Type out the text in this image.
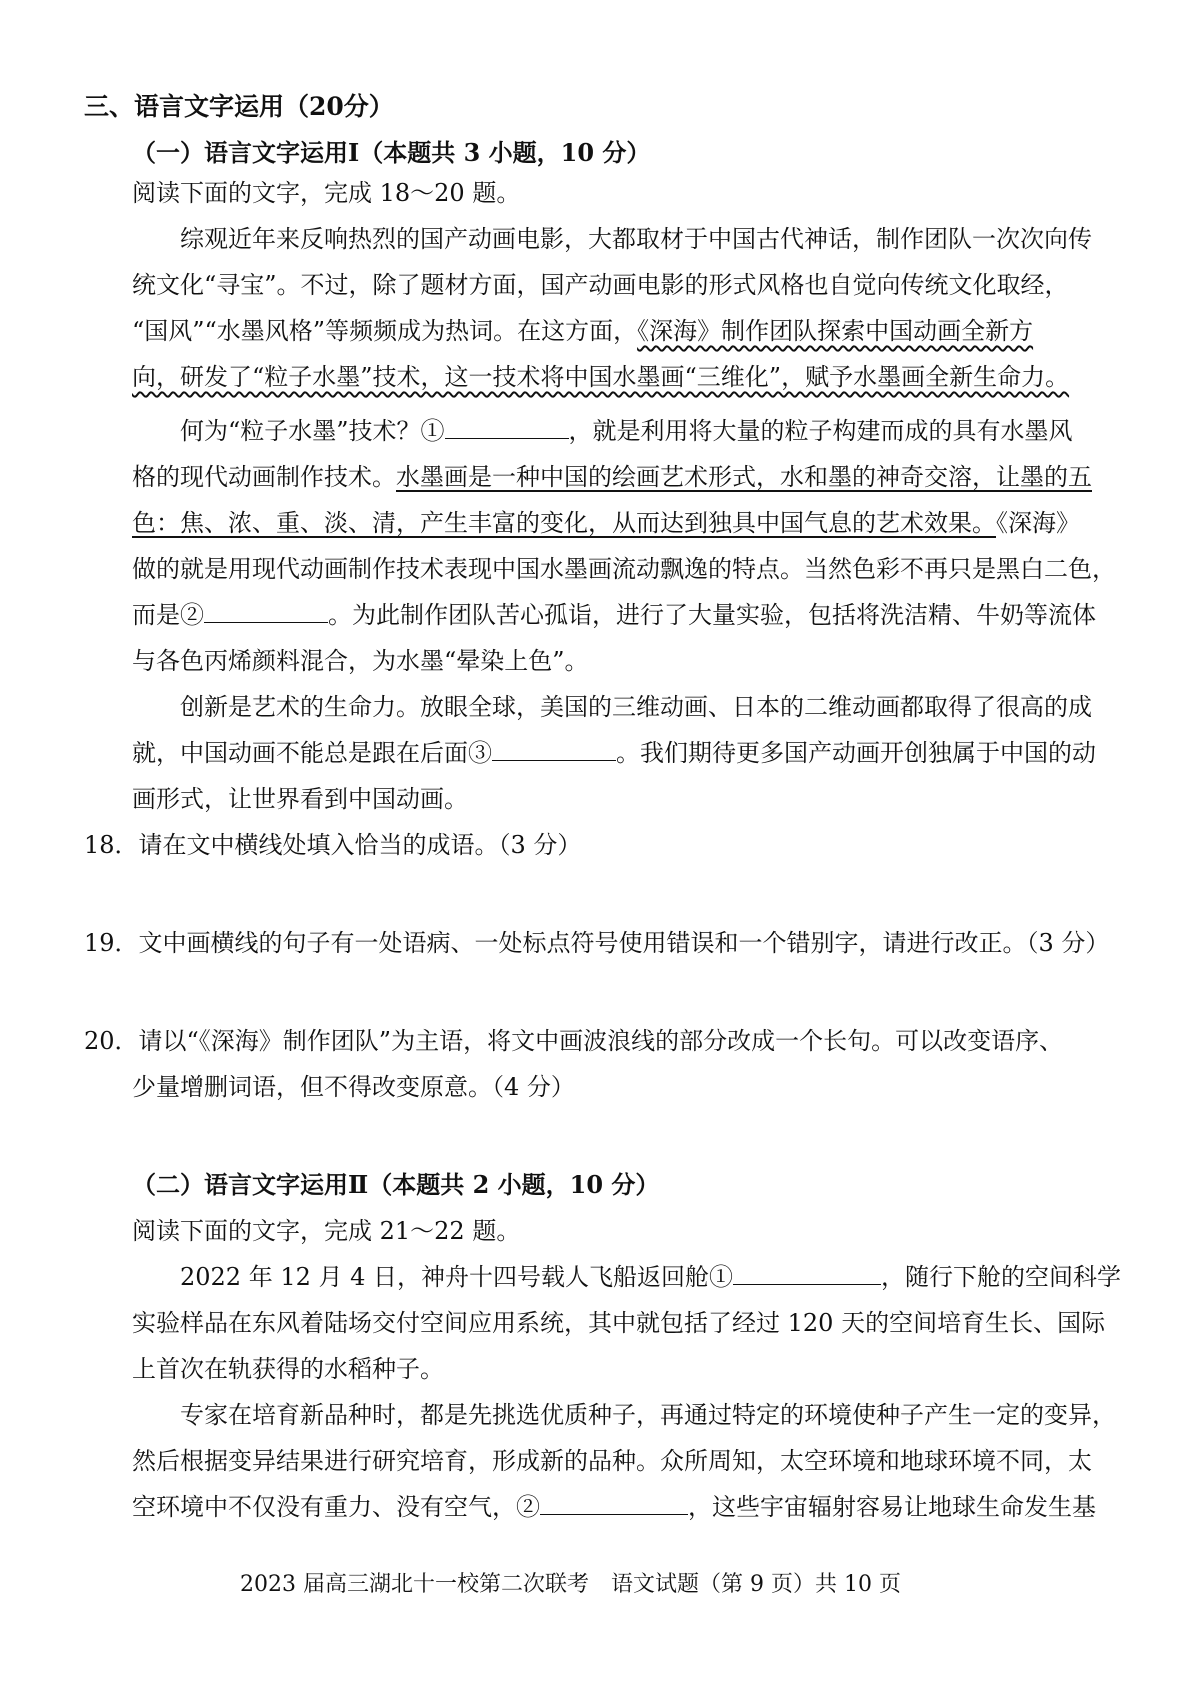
三、语言文字运用（20分）
（一）语言文字运用Ⅰ（本题共 3 小题，10 分）
阅读下面的文字，完成 18～20 题。
综观近年来反响热烈的国产动画电影，大都取材于中国古代神话，制作团队一次次向传
统文化“寻宝”。不过，除了题材方面，国产动画电影的形式风格也自觉向传统文化取经，
“国风”“水墨风格”等频频成为热词。在这方面，《深海》制作团队探索中国动画全新方
向，研发了“粒子水墨”技术，这一技术将中国水墨画“三维化”，赋予水墨画全新生命力。
何为“粒子水墨”技术？①	，就是利用将大量的粒子构建而成的具有水墨风
格的现代动画制作技术。水墨画是一种中国的绘画艺术形式，水和墨的神奇交溶，让墨的五
色：焦、浓、重、淡、清，产生丰富的变化，从而达到独具中国气息的艺术效果。《深海》
做的就是用现代动画制作技术表现中国水墨画流动飘逸的特点。当然色彩不再只是黑白二色，
而是②	。为此制作团队苦心孤诣，进行了大量实验，包括将洗洁精、牛奶等流体
与各色丙烯颜料混合，为水墨“晕染上色”。
创新是艺术的生命力。放眼全球，美国的三维动画、日本的二维动画都取得了很高的成
就，中国动画不能总是跟在后面③	。我们期待更多国产动画开创独属于中国的动
画形式，让世界看到中国动画。
18．请在文中横线处填入恰当的成语。（3 分）
19．文中画横线的句子有一处语病、一处标点符号使用错误和一个错别字，请进行改正。（3 分）
20．请以“《深海》制作团队”为主语，将文中画波浪线的部分改成一个长句。可以改变语序、
少量增删词语，但不得改变原意。（4 分）
（二）语言文字运用Ⅱ（本题共 2 小题，10 分）
阅读下面的文字，完成 21～22 题。
2022 年 12 月 4 日，神舟十四号载人飞船返回舱①	，随行下舱的空间科学
实验样品在东风着陆场交付空间应用系统，其中就包括了经过 120 天的空间培育生长、国际
上首次在轨获得的水稻种子。
专家在培育新品种时，都是先挑选优质种子，再通过特定的环境使种子产生一定的变异，
然后根据变异结果进行研究培育，形成新的品种。众所周知，太空环境和地球环境不同，太
空环境中不仅没有重力、没有空气，②	，这些宇宙辐射容易让地球生命发生基
2023 届高三湖北十一校第二次联考　语文试题（第 9 页）共 10 页
